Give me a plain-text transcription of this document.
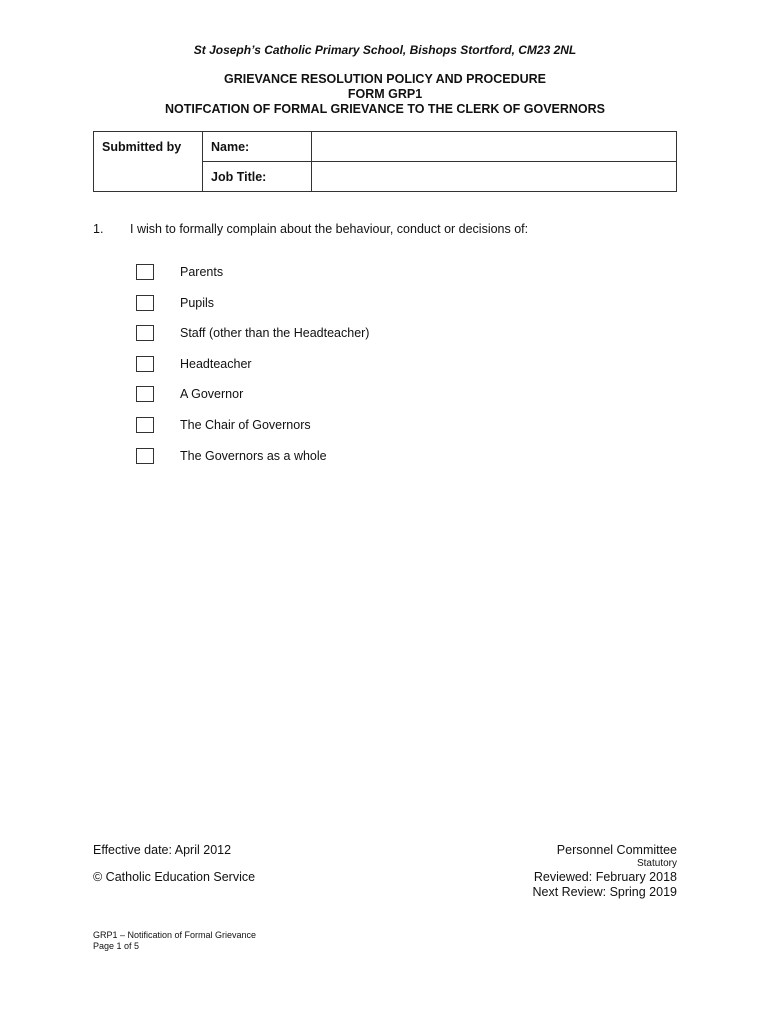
St Joseph’s Catholic Primary School, Bishops Stortford, CM23 2NL
GRIEVANCE RESOLUTION POLICY AND PROCEDURE
FORM GRP1
NOTIFCATION OF FORMAL GRIEVANCE TO THE CLERK OF GOVERNORS
Submitted by	Name:	
	Job Title:	
1. I wish to formally complain about the behaviour, conduct or decisions of:
Parents
Pupils
Staff (other than the Headteacher)
Headteacher
A Governor
The Chair of Governors
The Governors as a whole
Effective date: April 2012
© Catholic Education Service
Personnel Committee
Statutory
Reviewed: February 2018
Next Review: Spring 2019
GRP1 – Notification of Formal Grievance
Page 1 of 5
